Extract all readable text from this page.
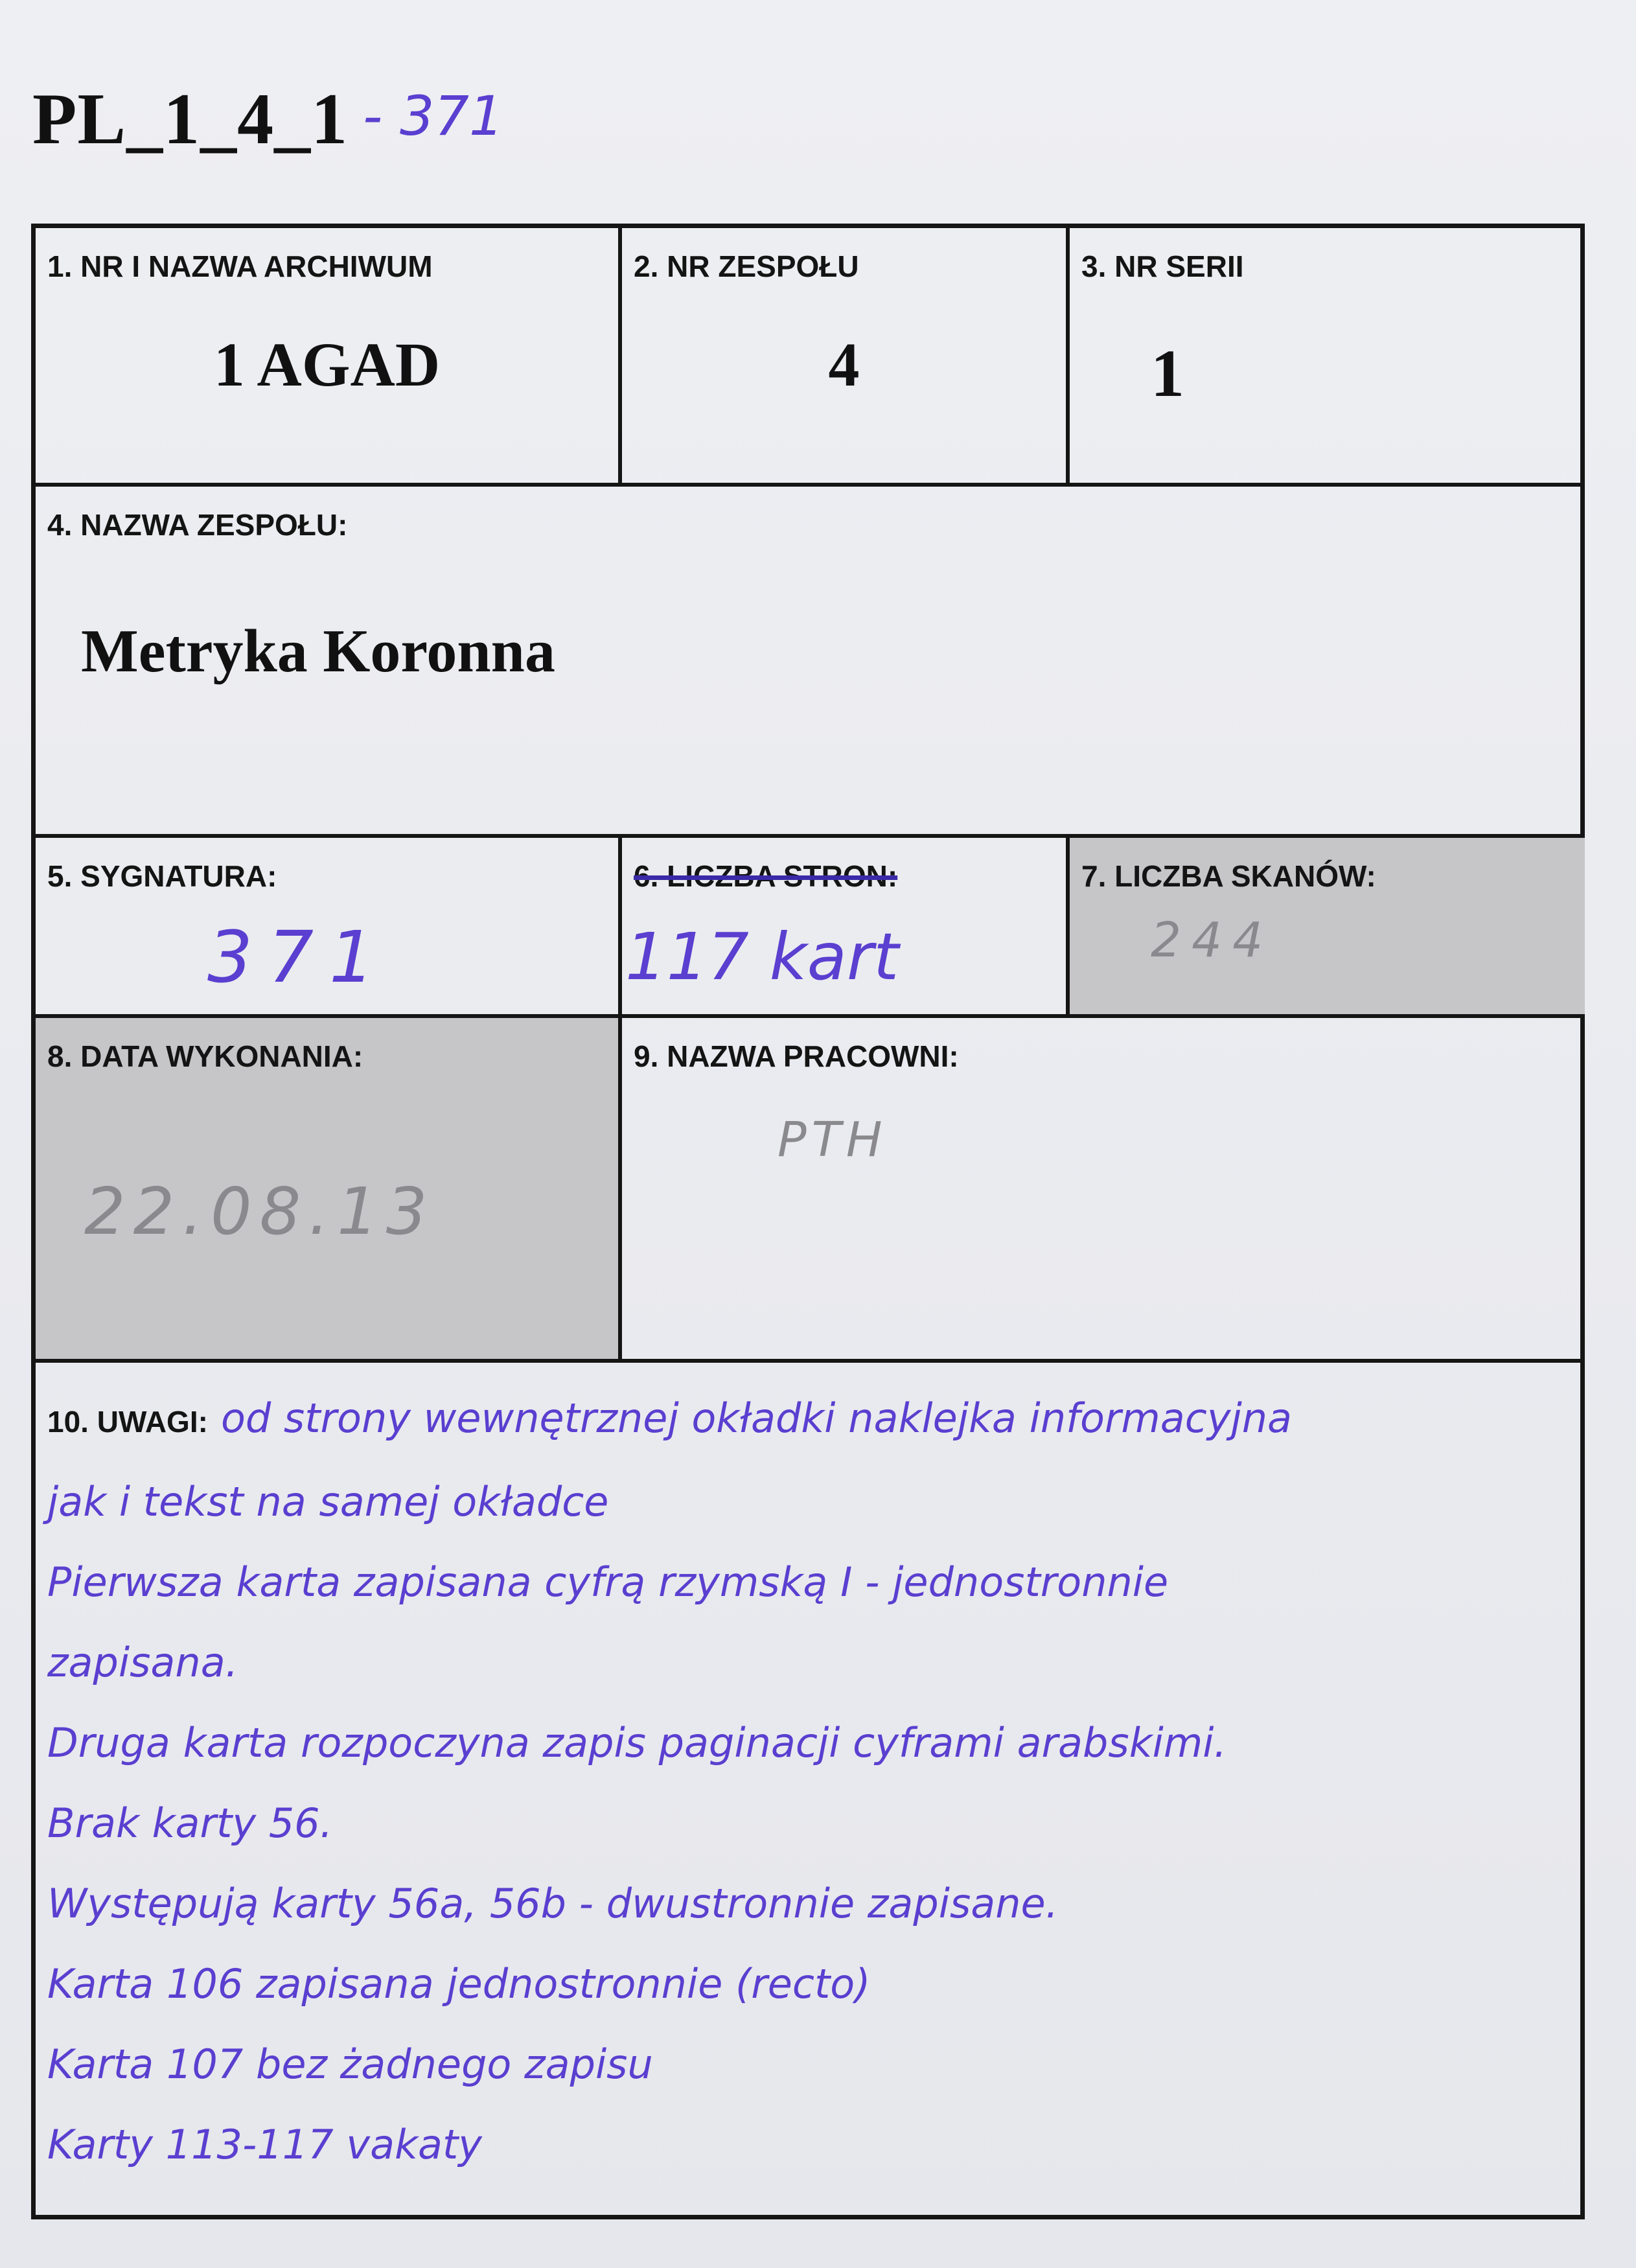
PL_1_4_1 - 371
1. NR I NAZWA ARCHIWUM
1 AGAD
2. NR ZESPOŁU
4
3. NR SERII
1
4. NAZWA ZESPOŁU:
Metryka Koronna
5. SYGNATURA:
371
6. LICZBA STRON:
117 kart
7. LICZBA SKANÓW:
244
8. DATA WYKONANIA:
22.08.13
9. NAZWA PRACOWNI:
PTH
10. UWAGI: od strony wewnętrznej okładki naklejka informacyjna
jak i tekst na samej okładce
Pierwsza karta zapisana cyfrą rzymską I - jednostronnie
zapisana.
Druga karta rozpoczyna zapis paginacji cyframi arabskimi.
Brak karty 56.
Występują karty 56a, 56b - dwustronnie zapisane.
Karta 106 zapisana jednostronnie (recto)
Karta 107 bez żadnego zapisu
Karty 113-117 vakaty
